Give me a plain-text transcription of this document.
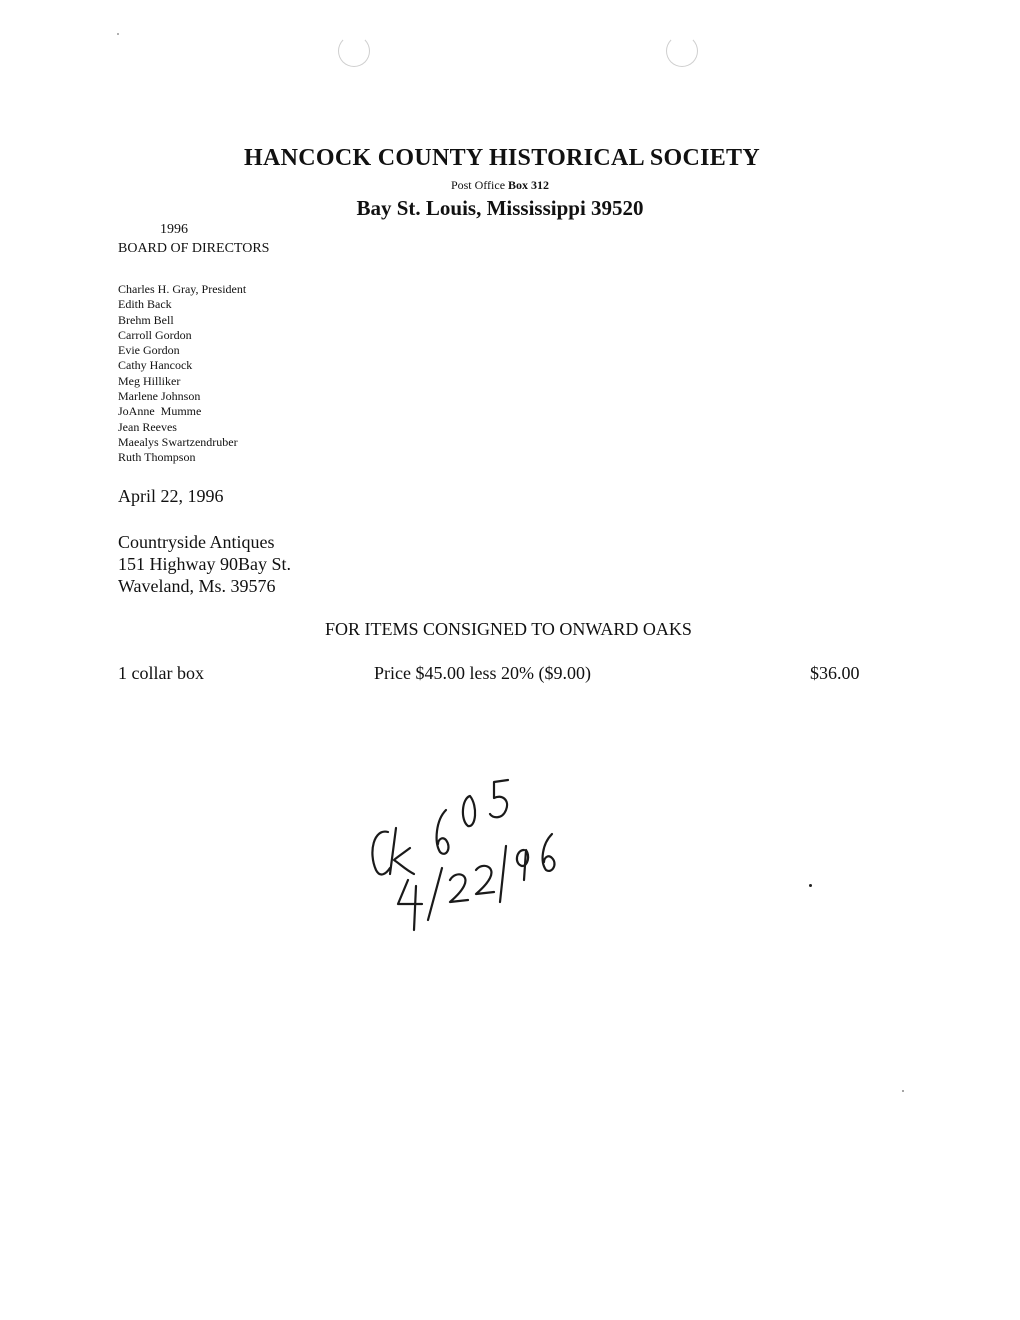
HANCOCK COUNTY HISTORICAL SOCIETY
Post Office Box 312
Bay St. Louis, Mississippi 39520
1996
BOARD OF DIRECTORS
Charles H. Gray, President
Edith Back
Brehm Bell
Carroll Gordon
Evie Gordon
Cathy Hancock
Meg Hilliker
Marlene Johnson
JoAnne  Mumme
Jean Reeves
Maealys Swartzendruber
Ruth Thompson
April 22, 1996
Countryside Antiques
151 Highway 90Bay St.
Waveland, Ms. 39576
FOR ITEMS CONSIGNED TO ONWARD OAKS
1 collar box	Price $45.00 less 20% ($9.00)	$36.00
